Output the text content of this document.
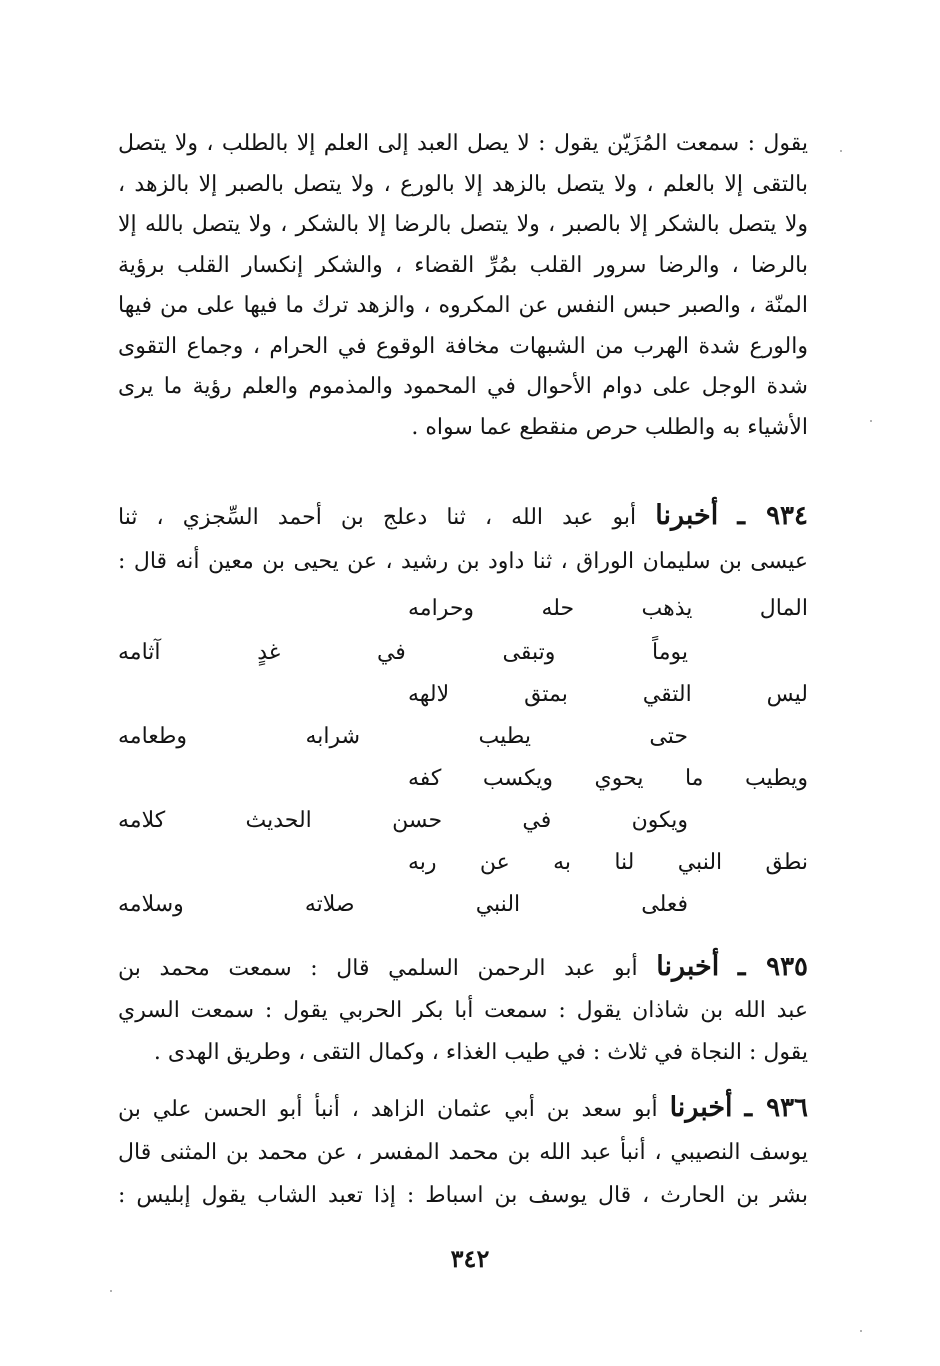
يقول : سمعت المُزَيّن يقول : لا يصل العبد إلى العلم إلا بالطلب ، ولا يتصل
بالتقى إلا بالعلم ، ولا يتصل بالزهد إلا بالورع ، ولا يتصل بالصبر إلا بالزهد ،
ولا يتصل بالشكر إلا بالصبر ، ولا يتصل بالرضا إلا بالشكر ، ولا يتصل بالله إلا
بالرضا ، والرضا سرور القلب بمُرِّ القضاء ، والشكر إنكسار القلب برؤية
المنّة ، والصبر حبس النفس عن المكروه ، والزهد ترك ما فيها على من فيها
والورع شدة الهرب من الشبهات مخافة الوقوع في الحرام ، وجماع التقوى
شدة الوجل على دوام الأحوال في المحمود والمذموم والعلم رؤية ما يرى
الأشياء به والطلب حرص منقطع عما سواه .
٩٣٤ ـ أخبرنا أبو عبد الله ، ثنا دعلج بن أحمد السِّجزي ، ثنا
عيسى بن سليمان الوراق ، ثنا داود بن رشيد ، عن يحيى بن معين أنه قال :
المال يذهب حله وحرامه
يوماً وتبقى في غدٍ آثامه
ليس التقي بمتق لالهه
حتى يطيب شرابه وطعامه
ويطيب ما يحوي ويكسب كفه
ويكون في حسن الحديث كلامه
نطق النبي لنا به عن ربه
فعلى النبي صلاته وسلامه
٩٣٥ ـ أخبرنا أبو عبد الرحمن السلمي قال : سمعت محمد بن
عبد الله بن شاذان يقول : سمعت أبا بكر الحربي يقول : سمعت السري
يقول : النجاة في ثلاث : في طيب الغذاء ، وكمال التقى ، وطريق الهدى .
٩٣٦ ـ أخبرنا أبو سعد بن أبي عثمان الزاهد ، أنبأ أبو الحسن علي بن
يوسف النصيبي ، أنبأ عبد الله بن محمد المفسر ، عن محمد بن المثنى قال
بشر بن الحارث ، قال يوسف بن اسباط : إذا تعبد الشاب يقول إبليس :
٣٤٢
